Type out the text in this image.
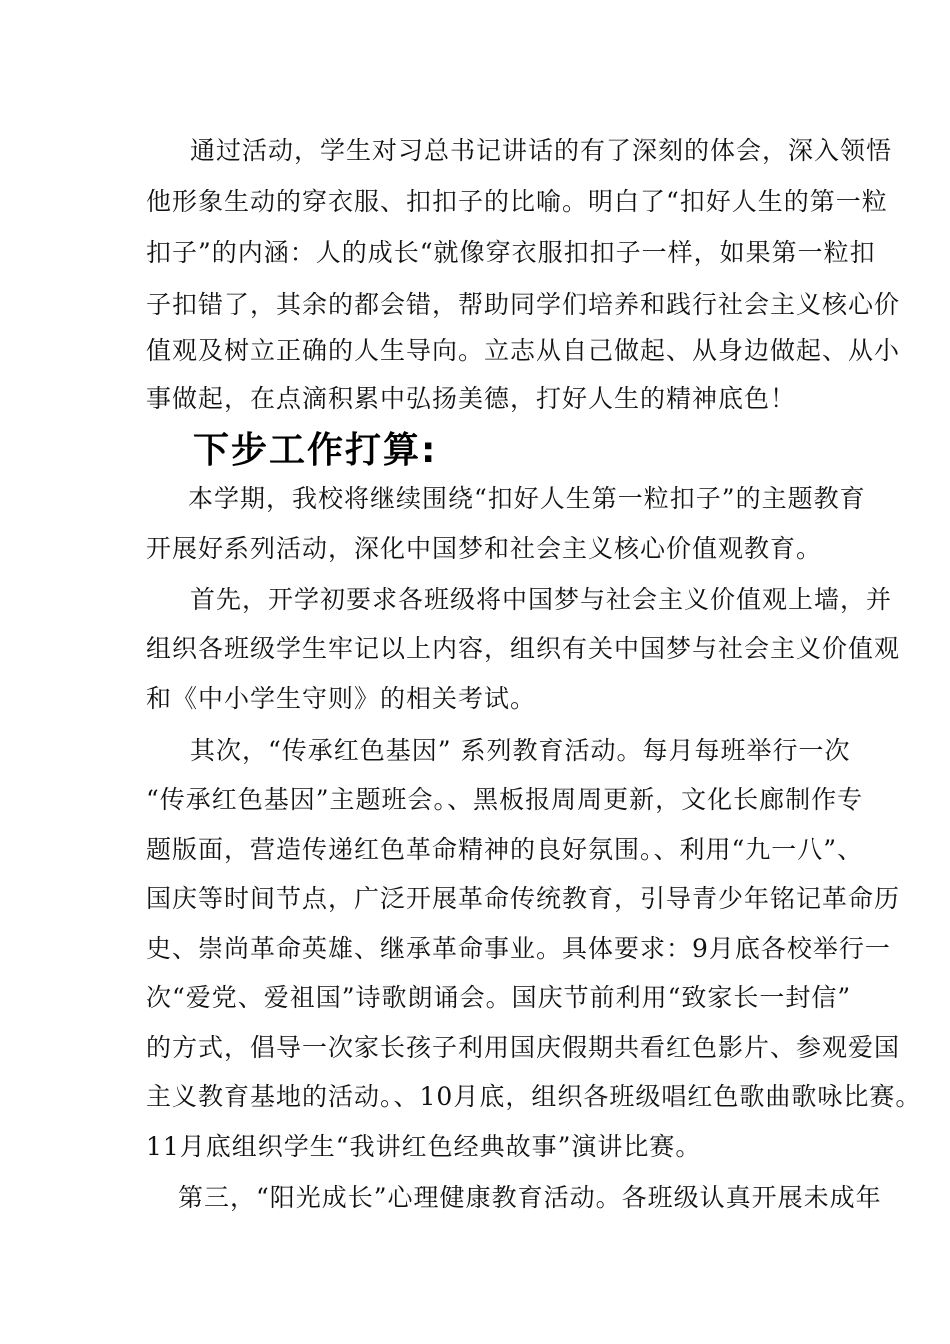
通过活动，学生对习总书记讲话的有了深刻的体会，深入领悟
他形象生动的穿衣服、扣扣子的比喻。明白了“扣好人生的第一粒
扣子”的内涵：人的成长“就像穿衣服扣扣子一样，如果第一粒扣
子扣错了，其余的都会错，帮助同学们培养和践行社会主义核心价
值观及树立正确的人生导向。立志从自己做起、从身边做起、从小
事做起，在点滴积累中弘扬美德，打好人生的精神底色！
下步工作打算:
本学期，我校将继续围绕“扣好人生第一粒扣子”的主题教育
开展好系列活动，深化中国梦和社会主义核心价值观教育。
首先，开学初要求各班级将中国梦与社会主义价值观上墙，并
组织各班级学生牢记以上内容，组织有关中国梦与社会主义价值观
和《中小学生守则》的相关考试。
其次，“传承红色基因” 系列教育活动。每月每班举行一次
“传承红色基因”主题班会。、黑板报周周更新，文化长廊制作专
题版面，营造传递红色革命精神的良好氛围。、利用“九一八”、
国庆等时间节点，广泛开展革命传统教育，引导青少年铭记革命历
史、崇尚革命英雄、继承革命事业。具体要求：9月底各校举行一
次“爱党、爱祖国”诗歌朗诵会。国庆节前利用“致家长一封信”
的方式，倡导一次家长孩子利用国庆假期共看红色影片、参观爱国
主义教育基地的活动。、10月底，组织各班级唱红色歌曲歌咏比赛。
11月底组织学生“我讲红色经典故事”演讲比赛。
第三，“阳光成长”心理健康教育活动。各班级认真开展未成年
